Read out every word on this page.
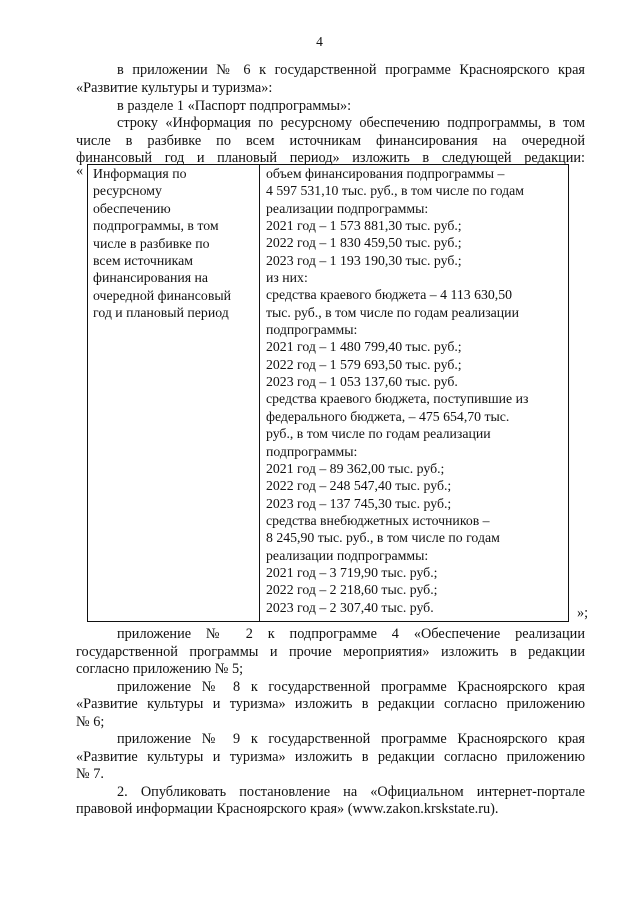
4
в приложении № 6 к государственной программе Красноярского края
«Развитие культуры и туризма»:
в разделе 1 «Паспорт подпрограммы»:
строку «Информация по ресурсному обеспечению подпрограммы, в том
числе в разбивке по всем источникам финансирования на очередной
финансовый год и плановый период» изложить в следующей редакции:
«
»;
Информация по
ресурсному
обеспечению
подпрограммы, в том
числе в разбивке по
всем источникам
финансирования на
очередной финансовый
год и плановый период
объем финансирования подпрограммы –
4 597 531,10 тыс. руб., в том числе по годам
реализации подпрограммы:
2021 год – 1 573 881,30 тыс. руб.;
2022 год – 1 830 459,50 тыс. руб.;
2023 год – 1 193 190,30 тыс. руб.;
из них:
средства краевого бюджета – 4 113 630,50
тыс. руб., в том числе по годам реализации
подпрограммы:
2021 год – 1 480 799,40 тыс. руб.;
2022 год – 1 579 693,50 тыс. руб.;
2023 год – 1 053 137,60 тыс. руб.
средства краевого бюджета, поступившие из
федерального бюджета, – 475 654,70 тыс.
руб., в том числе по годам реализации
подпрограммы:
2021 год – 89 362,00 тыс. руб.;
2022 год – 248 547,40 тыс. руб.;
2023 год – 137 745,30 тыс. руб.;
средства внебюджетных источников –
8 245,90 тыс. руб., в том числе по годам
реализации подпрограммы:
2021 год – 3 719,90 тыс. руб.;
2022 год – 2 218,60 тыс. руб.;
2023 год – 2 307,40 тыс. руб.
приложение № 2 к подпрограмме 4 «Обеспечение реализации
государственной программы и прочие мероприятия» изложить в редакции
согласно приложению № 5;
приложение № 8 к государственной программе Красноярского края
«Развитие культуры и туризма» изложить в редакции согласно приложению
№ 6;
приложение № 9 к государственной программе Красноярского края
«Развитие культуры и туризма» изложить в редакции согласно приложению
№ 7.
2. Опубликовать постановление на «Официальном интернет-портале
правовой информации Красноярского края» (www.zakon.krskstate.ru).
